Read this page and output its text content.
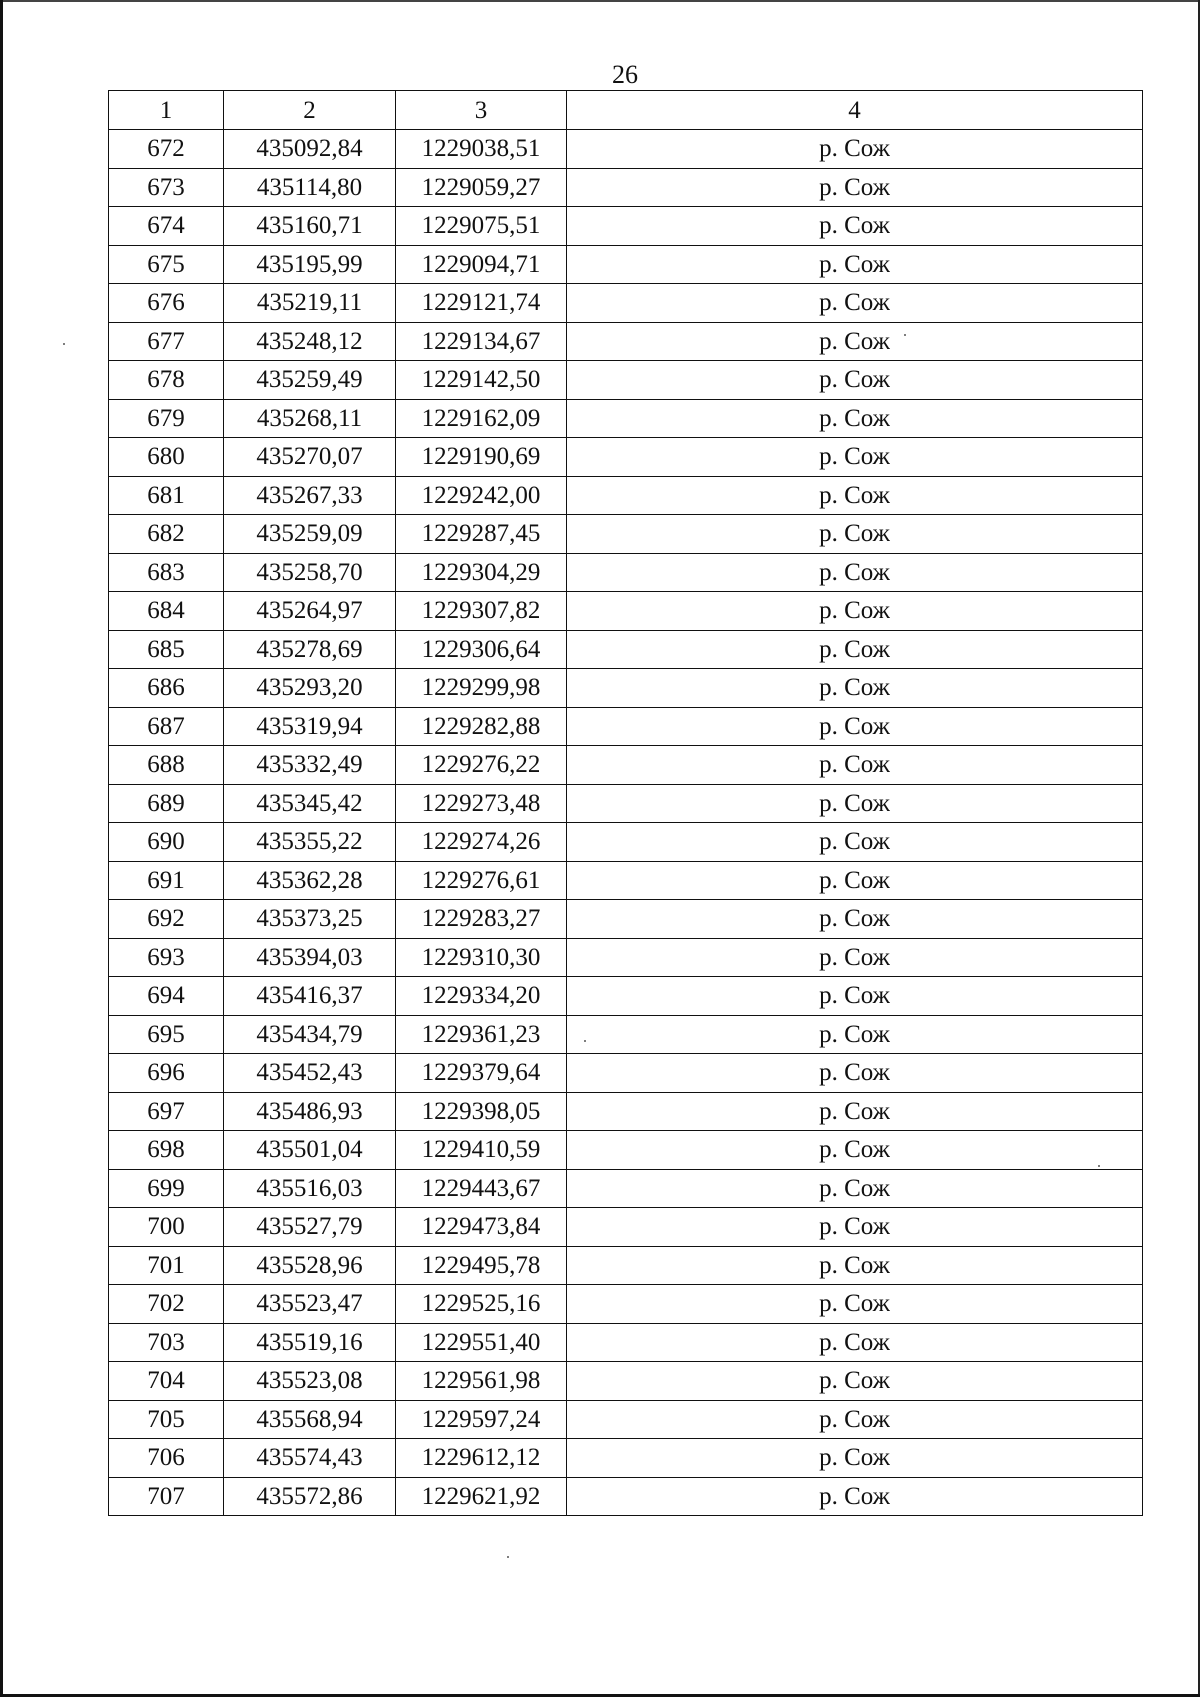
26
1	2	3	4
672	435092,84	1229038,51	р. Сож
673	435114,80	1229059,27	р. Сож
674	435160,71	1229075,51	р. Сож
675	435195,99	1229094,71	р. Сож
676	435219,11	1229121,74	р. Сож
677	435248,12	1229134,67	р. Сож
678	435259,49	1229142,50	р. Сож
679	435268,11	1229162,09	р. Сож
680	435270,07	1229190,69	р. Сож
681	435267,33	1229242,00	р. Сож
682	435259,09	1229287,45	р. Сож
683	435258,70	1229304,29	р. Сож
684	435264,97	1229307,82	р. Сож
685	435278,69	1229306,64	р. Сож
686	435293,20	1229299,98	р. Сож
687	435319,94	1229282,88	р. Сож
688	435332,49	1229276,22	р. Сож
689	435345,42	1229273,48	р. Сож
690	435355,22	1229274,26	р. Сож
691	435362,28	1229276,61	р. Сож
692	435373,25	1229283,27	р. Сож
693	435394,03	1229310,30	р. Сож
694	435416,37	1229334,20	р. Сож
695	435434,79	1229361,23	р. Сож
696	435452,43	1229379,64	р. Сож
697	435486,93	1229398,05	р. Сож
698	435501,04	1229410,59	р. Сож
699	435516,03	1229443,67	р. Сож
700	435527,79	1229473,84	р. Сож
701	435528,96	1229495,78	р. Сож
702	435523,47	1229525,16	р. Сож
703	435519,16	1229551,40	р. Сож
704	435523,08	1229561,98	р. Сож
705	435568,94	1229597,24	р. Сож
706	435574,43	1229612,12	р. Сож
707	435572,86	1229621,92	р. Сож
